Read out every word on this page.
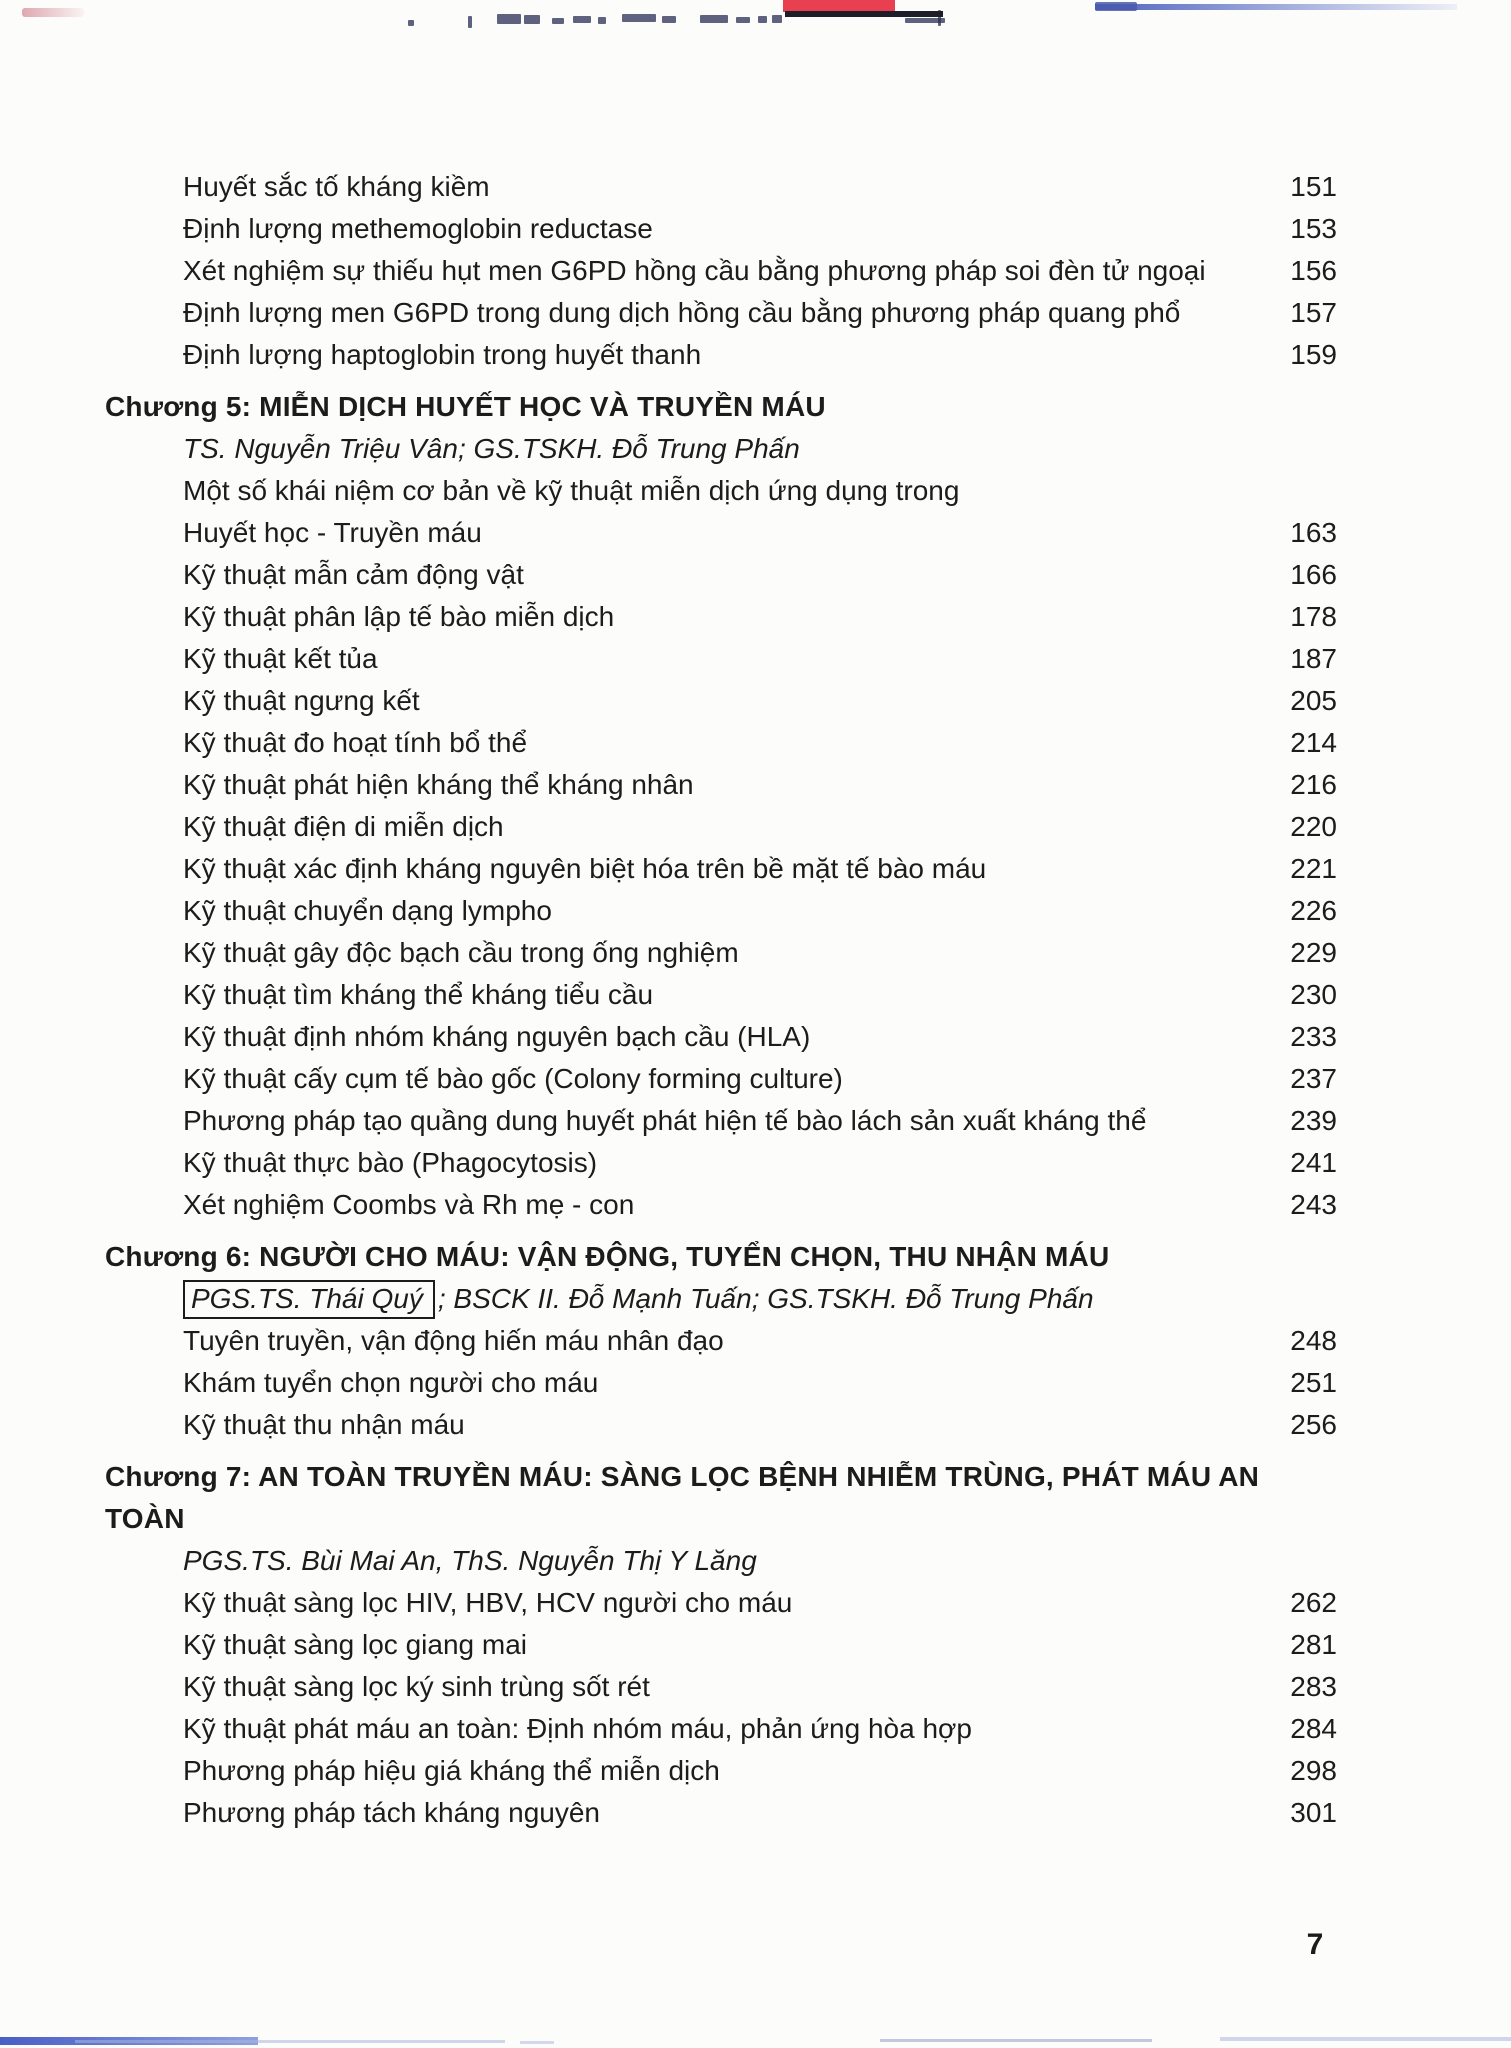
Huyết sắc tố kháng kiềm	151
Định lượng methemoglobin reductase	153
Xét nghiệm sự thiếu hụt men G6PD hồng cầu bằng phương pháp soi đèn tử ngoại	156
Định lượng men G6PD trong dung dịch hồng cầu bằng phương pháp quang phổ	157
Định lượng haptoglobin trong huyết thanh	159
Chương 5: MIỄN DỊCH HUYẾT HỌC VÀ TRUYỀN MÁU
TS. Nguyễn Triệu Vân; GS.TSKH. Đỗ Trung Phấn
Một số khái niệm cơ bản về kỹ thuật miễn dịch ứng dụng trong
Huyết học - Truyền máu	163
Kỹ thuật mẫn cảm động vật	166
Kỹ thuật phân lập tế bào miễn dịch	178
Kỹ thuật kết tủa	187
Kỹ thuật ngưng kết	205
Kỹ thuật đo hoạt tính bổ thể	214
Kỹ thuật phát hiện kháng thể kháng nhân	216
Kỹ thuật điện di miễn dịch	220
Kỹ thuật xác định kháng nguyên biệt hóa trên bề mặt tế bào máu	221
Kỹ thuật chuyển dạng lympho	226
Kỹ thuật gây độc bạch cầu trong ống nghiệm	229
Kỹ thuật tìm kháng thể kháng tiểu cầu	230
Kỹ thuật định nhóm kháng nguyên bạch cầu (HLA)	233
Kỹ thuật cấy cụm tế bào gốc (Colony forming culture)	237
Phương pháp tạo quầng dung huyết phát hiện tế bào lách sản xuất kháng thể	239
Kỹ thuật thực bào (Phagocytosis)	241
Xét nghiệm Coombs và Rh mẹ - con	243
Chương 6: NGƯỜI CHO MÁU: VẬN ĐỘNG, TUYỂN CHỌN, THU NHẬN MÁU
PGS.TS. Thái Quý ; BSCK II. Đỗ Mạnh Tuấn; GS.TSKH. Đỗ Trung Phấn
Tuyên truyền, vận động hiến máu nhân đạo	248
Khám tuyển chọn người cho máu	251
Kỹ thuật thu nhận máu	256
Chương 7: AN TOÀN TRUYỀN MÁU: SÀNG LỌC BỆNH NHIỄM TRÙNG, PHÁT MÁU AN TOÀN
PGS.TS. Bùi Mai An, ThS. Nguyễn Thị Y Lăng
Kỹ thuật sàng lọc HIV, HBV, HCV người cho máu	262
Kỹ thuật sàng lọc giang mai	281
Kỹ thuật sàng lọc ký sinh trùng sốt rét	283
Kỹ thuật phát máu an toàn: Định nhóm máu, phản ứng hòa hợp	284
Phương pháp hiệu giá kháng thể miễn dịch	298
Phương pháp tách kháng nguyên	301
7
